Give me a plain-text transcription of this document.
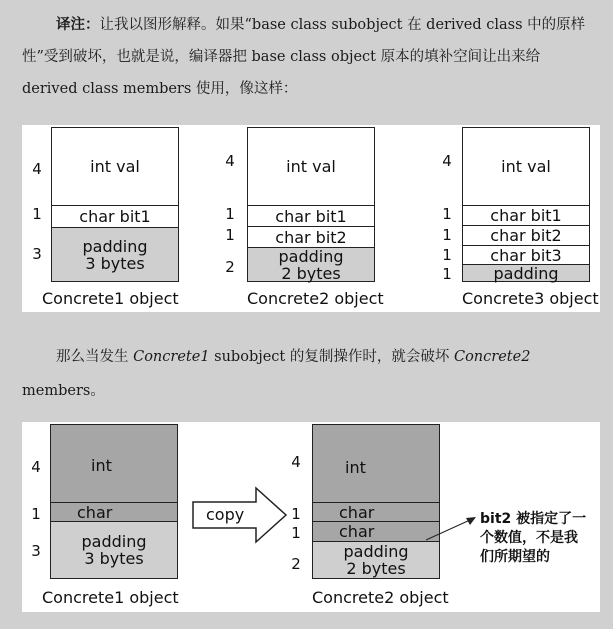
译注：让我以图形解释。如果“base class subobject 在 derived class 中的原样
性”受到破坏，也就是说，编译器把 base class object 原本的填补空间让出来给
derived class members 使用，像这样：
4
1
3
int val
char bit1
padding
3 bytes
Concrete1 object
4
1
1
2
int val
char bit1
char bit2
padding
2 bytes
Concrete2 object
4
1
1
1
1
int val
char bit1
char bit2
char bit3
padding
Concrete3 object
那么当发生 Concrete1 subobject 的复制操作时，就会破坏 Concrete2
members。
4
1
3
int
char
padding
3 bytes
Concrete1 object
copy
4
1
1
2
int
char
char
padding
2 bytes
Concrete2 object
bit2 被指定了一
个数值，不是我
们所期望的
